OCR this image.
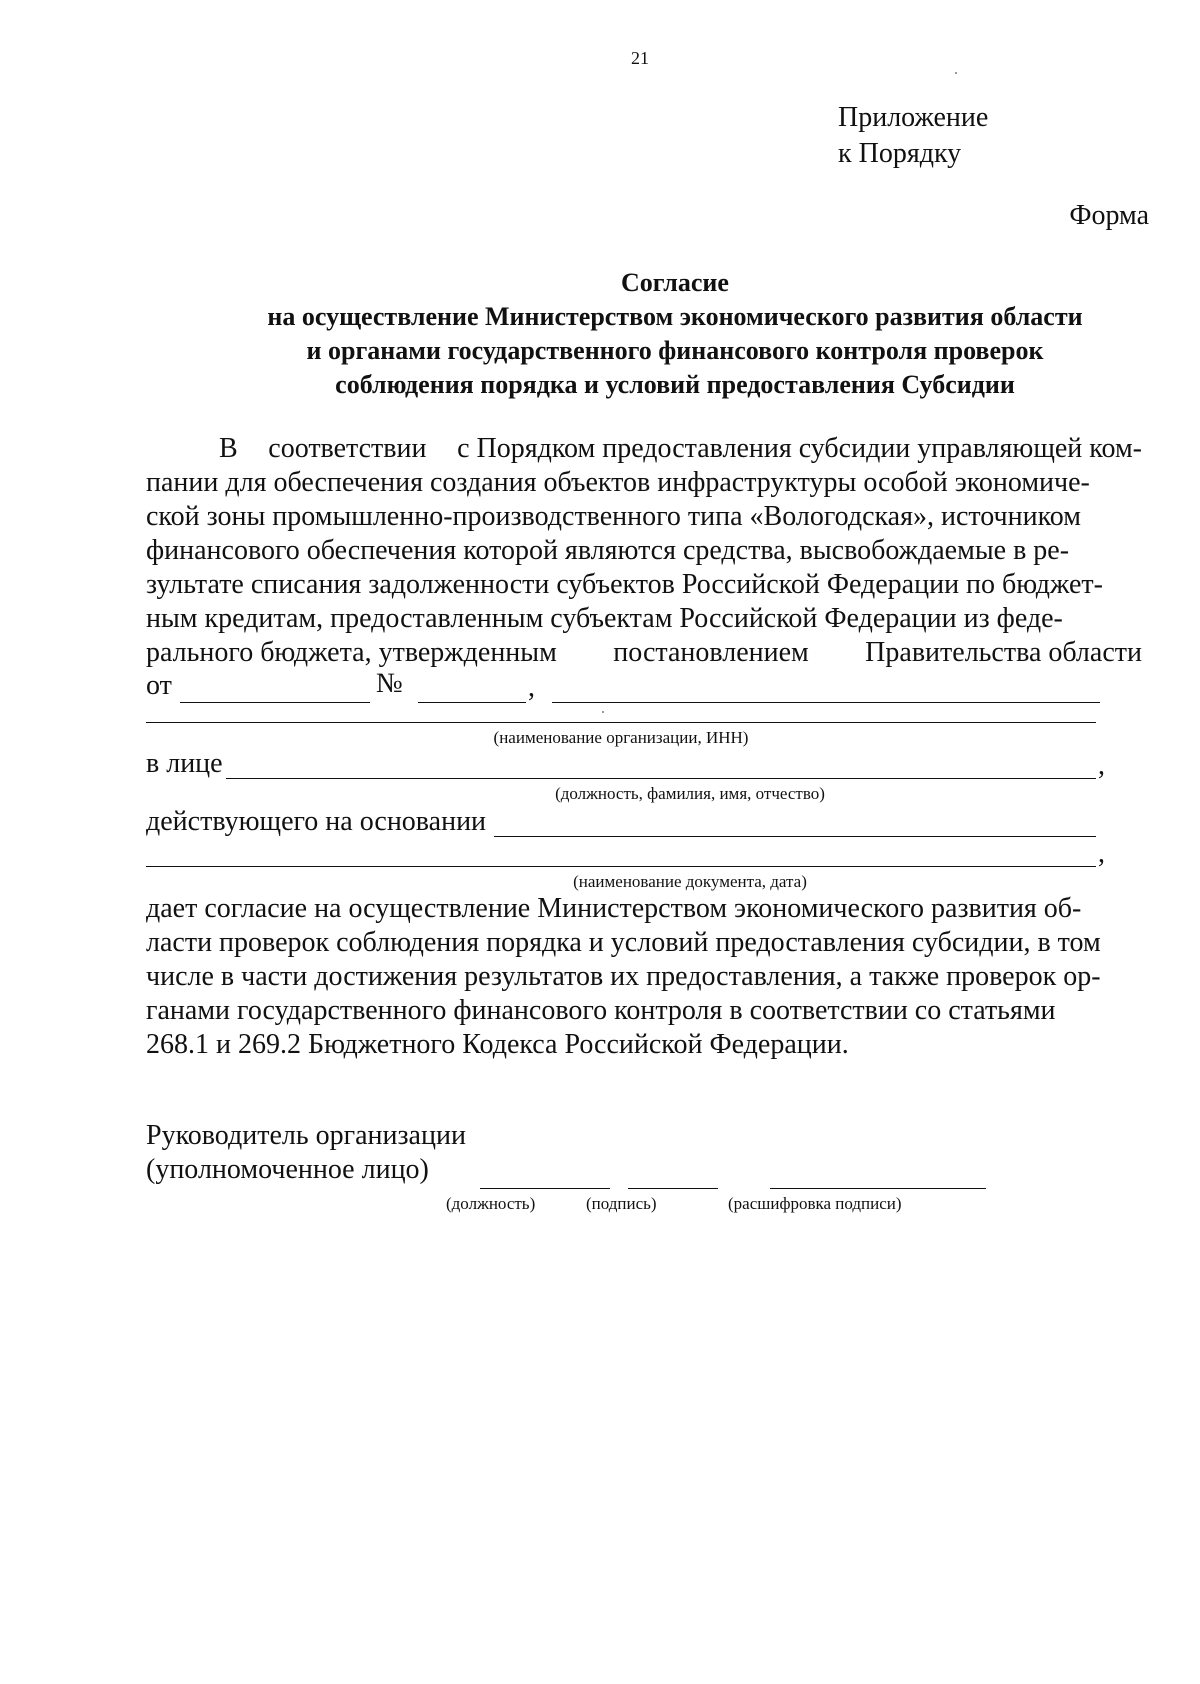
21
Приложение
к Порядку
Форма
Согласие
на осуществление Министерством экономического развития области
и органами государственного финансового контроля проверок
соблюдения порядка и условий предоставления Субсидии
В соответствии с Порядком предоставления субсидии управляющей ком-
пании для обеспечения создания объектов инфраструктуры особой экономиче-
ской зоны промышленно-производственного типа «Вологодская», источником
финансового обеспечения которой являются средства, высвобождаемые в ре-
зультате списания задолженности субъектов Российской Федерации по бюджет-
ным кредитам, предоставленным субъектам Российской Федерации из феде-
рального бюджета, утвержденным постановлением Правительства области
от	№	,
(наименование организации, ИНН)
в лице	,
(должность, фамилия, имя, отчество)
действующего на основании
,
(наименование документа, дата)
дает согласие на осуществление Министерством экономического развития об-
ласти проверок соблюдения порядка и условий предоставления субсидии, в том
числе в части достижения результатов их предоставления, а также проверок ор-
ганами государственного финансового контроля в соответствии со статьями
268.1 и 269.2 Бюджетного Кодекса Российской Федерации.
Руководитель организации
(уполномоченное лицо)
(должность)	(подпись)	(расшифровка подписи)
